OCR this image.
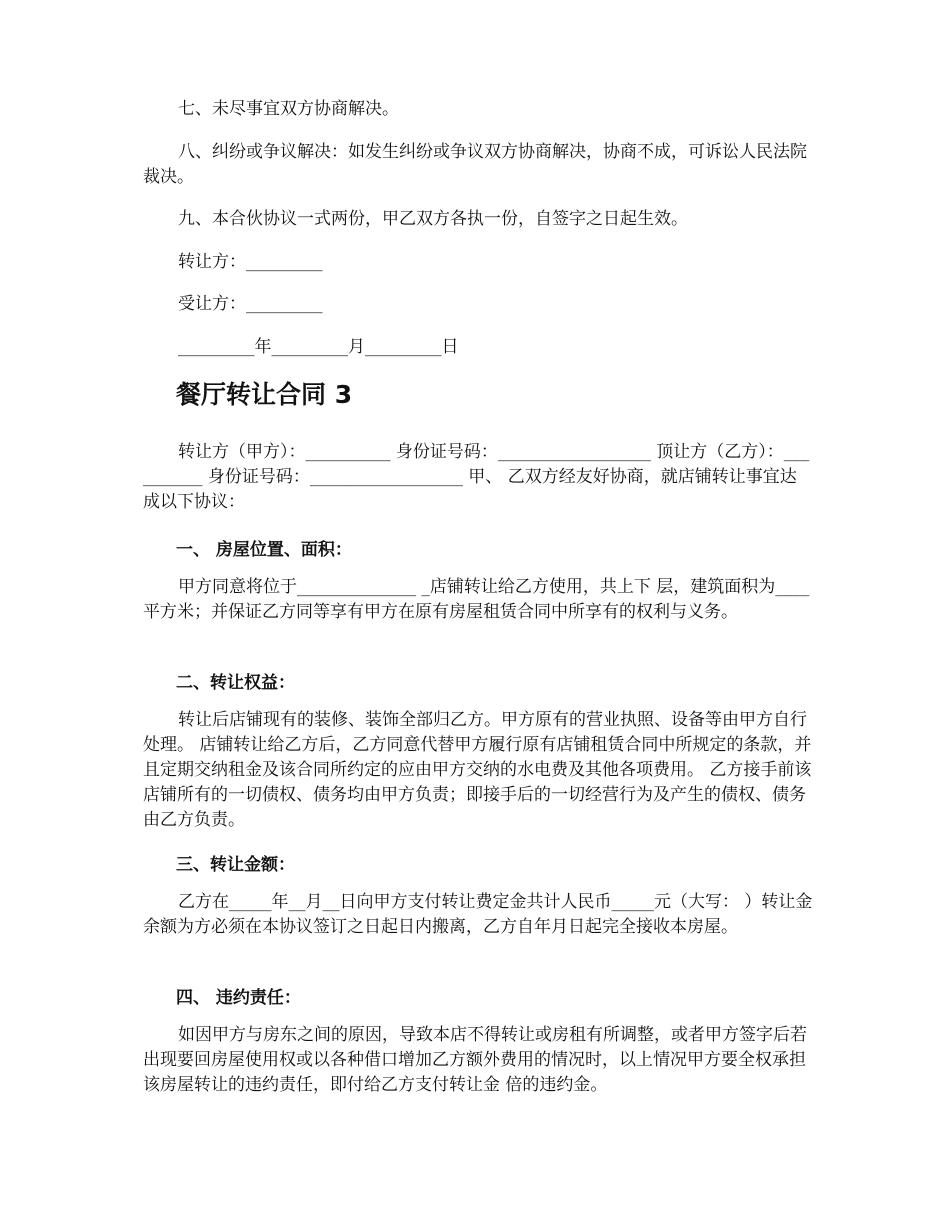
七、未尽事宜双方协商解决。

八、纠纷或争议解决：如发生纠纷或争议双方协商解决，协商不成，可诉讼人民法院裁决。

九、本合伙协议一式两份，甲乙双方各执一份，自签字之日起生效。

转让方：_________

受让方：_________

_________年_________月_________日

餐厅转让合同 3

转让方（甲方）：__________ 身份证号码：__________________ 顶让方（乙方）：__________ 身份证号码：__________________ 甲、 乙双方经友好协商，就店铺转让事宜达成以下协议：

一、 房屋位置、面积：

甲方同意将位于______________ _店铺转让给乙方使用，共上下 层，建筑面积为____平方米；并保证乙方同等享有甲方在原有房屋租赁合同中所享有的权利与义务。

二、转让权益：

转让后店铺现有的装修、装饰全部归乙方。甲方原有的营业执照、设备等由甲方自行处理。 店铺转让给乙方后，乙方同意代替甲方履行原有店铺租赁合同中所规定的条款，并且定期交纳租金及该合同所约定的应由甲方交纳的水电费及其他各项费用。 乙方接手前该店铺所有的一切债权、债务均由甲方负责；即接手后的一切经营行为及产生的债权、债务由乙方负责。

三、转让金额：

乙方在_____年__月__日向甲方支付转让费定金共计人民币_____元（大写： ）转让金余额为方必须在本协议签订之日起日内搬离，乙方自年月日起完全接收本房屋。

四、 违约责任：

如因甲方与房东之间的原因，导致本店不得转让或房租有所调整，或者甲方签字后若出现要回房屋使用权或以各种借口增加乙方额外费用的情况时，以上情况甲方要全权承担该房屋转让的违约责任，即付给乙方支付转让金 倍的违约金。
